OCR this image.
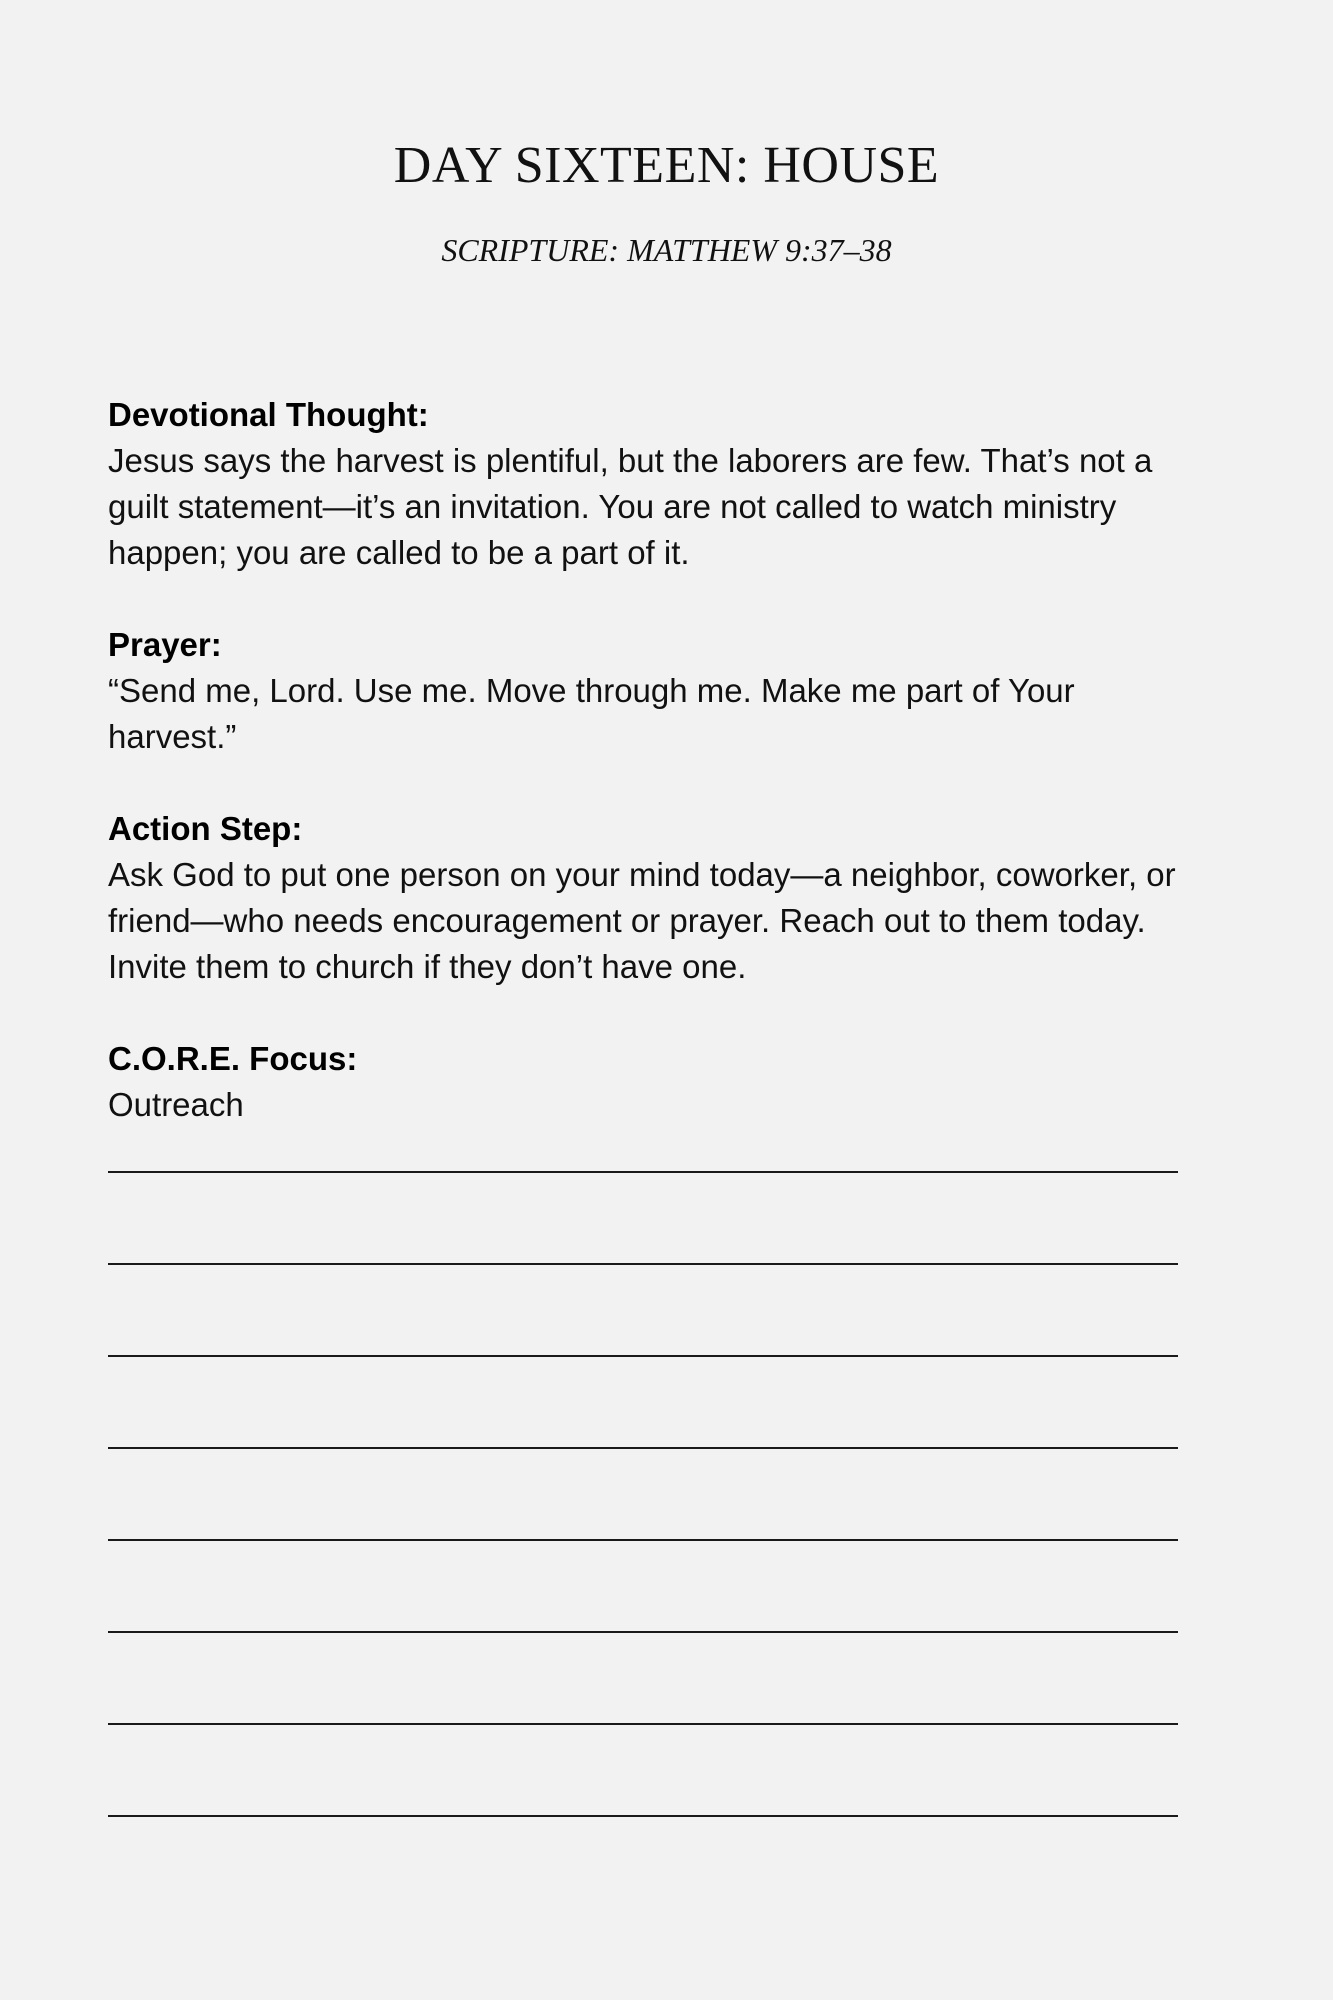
DAY SIXTEEN: HOUSE
SCRIPTURE: MATTHEW 9:37–38

Devotional Thought:

Jesus says the harvest is plentiful, but the laborers are few. That’s not a guilt statement—it’s an invitation. You are not called to watch ministry happen; you are called to be a part of it.

Prayer:

“Send me, Lord. Use me. Move through me. Make me part of Your harvest.”

Action Step:

Ask God to put one person on your mind today—a neighbor, coworker, or friend—who needs encouragement or prayer. Reach out to them today. Invite them to church if they don’t have one.

C.O.R.E. Focus:

Outreach
